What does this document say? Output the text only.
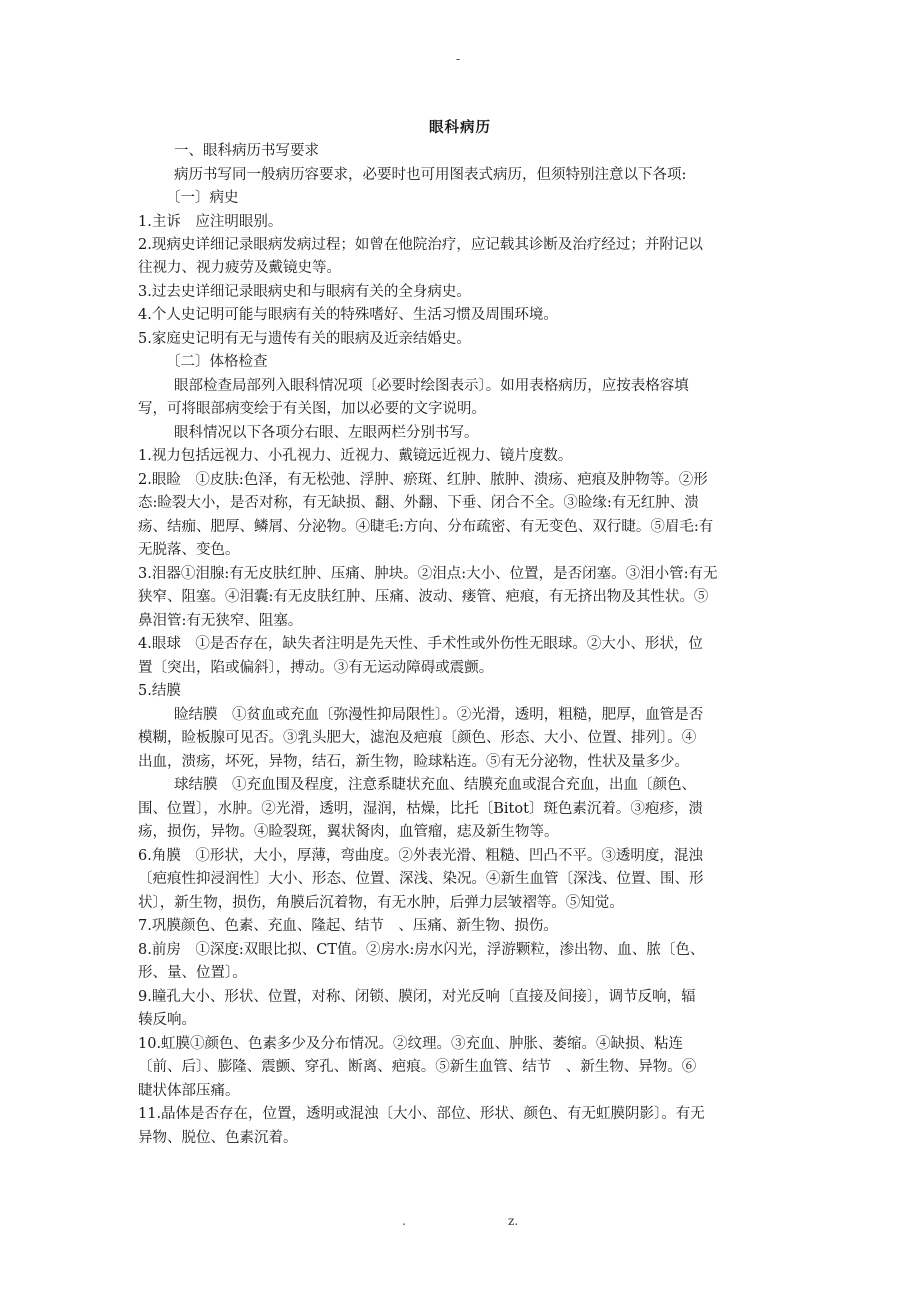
-
眼科病历
一、眼科病历书写要求
病历书写同一般病历容要求，必要时也可用图表式病历，但须特别注意以下各项:
〔一〕病史
1.主诉　应注明眼别。
2.现病史详细记录眼病发病过程；如曾在他院治疗，应记载其诊断及治疗经过；并附记以
往视力、视力疲劳及戴镜史等。
3.过去史详细记录眼病史和与眼病有关的全身病史。
4.个人史记明可能与眼病有关的特殊嗜好、生活习惯及周围环境。
5.家庭史记明有无与遗传有关的眼病及近亲结婚史。
〔二〕体格检查
眼部检查局部列入眼科情况项〔必要时绘图表示〕。如用表格病历，应按表格容填
写，可将眼部病变绘于有关图，加以必要的文字说明。
眼科情况以下各项分右眼、左眼两栏分别书写。
1.视力包括远视力、小孔视力、近视力、戴镜远近视力、镜片度数。
2.眼睑　①皮肤:色泽，有无松弛、浮肿、瘀斑、红肿、脓肿、溃疡、疤痕及肿物等。②形
态:睑裂大小，是否对称，有无缺损、翻、外翻、下垂、闭合不全。③睑缘:有无红肿、溃
疡、结痂、肥厚、鳞屑、分泌物。④睫毛:方向、分布疏密、有无变色、双行睫。⑤眉毛:有
无脱落、变色。
3.泪器①泪腺:有无皮肤红肿、压痛、肿块。②泪点:大小、位置，是否闭塞。③泪小管:有无
狭窄、阻塞。④泪囊:有无皮肤红肿、压痛、波动、瘘管、疤痕，有无挤出物及其性状。⑤
鼻泪管:有无狭窄、阻塞。
4.眼球　①是否存在，缺失者注明是先天性、手术性或外伤性无眼球。②大小、形状，位
置〔突出，陷或偏斜〕，搏动。③有无运动障碍或震颤。
5.结膜
睑结膜　①贫血或充血〔弥漫性抑局限性〕。②光滑，透明，粗糙，肥厚，血管是否
模糊，睑板腺可见否。③乳头肥大，滤泡及疤痕〔颜色、形态、大小、位置、排列〕。④
出血，溃疡，坏死，异物，结石，新生物，睑球粘连。⑤有无分泌物，性状及量多少。
球结膜　①充血围及程度，注意系睫状充血、结膜充血或混合充血，出血〔颜色、
围、位置〕，水肿。②光滑，透明，湿润，枯燥，比托〔Bitot〕斑色素沉着。③疱疹，溃
疡，损伤，异物。④睑裂斑，翼状胬肉，血管瘤，痣及新生物等。
6.角膜　①形状，大小，厚薄，弯曲度。②外表光滑、粗糙、凹凸不平。③透明度，混浊
〔疤痕性抑浸润性〕大小、形态、位置、深浅、染况。④新生血管〔深浅、位置、围、形
状〕，新生物，损伤，角膜后沉着物，有无水肿，后弹力层皱褶等。⑤知觉。
7.巩膜颜色、色素、充血、隆起、结节　、压痛、新生物、损伤。
8.前房　①深度:双眼比拟、CT值。②房水:房水闪光，浮游颗粒，渗出物、血、脓〔色、
形、量、位置〕。
9.瞳孔大小、形状、位置，对称、闭锁、膜闭，对光反响〔直接及间接〕，调节反响，辐
辏反响。
10.虹膜①颜色、色素多少及分布情况。②纹理。③充血、肿胀、萎缩。④缺损、粘连
〔前、后〕、膨隆、震颤、穿孔、断离、疤痕。⑤新生血管、结节　、新生物、异物。⑥
睫状体部压痛。
11.晶体是否存在，位置，透明或混浊〔大小、部位、形状、颜色、有无虹膜阴影〕。有无
异物、脱位、色素沉着。
.	z.
